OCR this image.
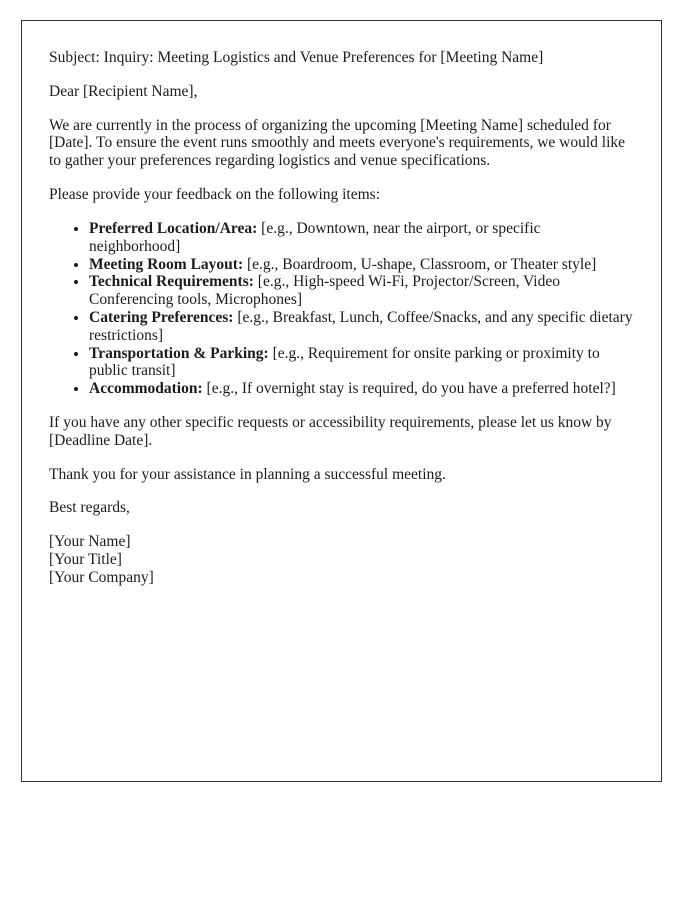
Subject: Inquiry: Meeting Logistics and Venue Preferences for [Meeting Name]

Dear [Recipient Name],

We are currently in the process of organizing the upcoming [Meeting Name] scheduled for [Date]. To ensure the event runs smoothly and meets everyone's requirements, we would like to gather your preferences regarding logistics and venue specifications.

Please provide your feedback on the following items:

• Preferred Location/Area: [e.g., Downtown, near the airport, or specific neighborhood]
• Meeting Room Layout: [e.g., Boardroom, U-shape, Classroom, or Theater style]
• Technical Requirements: [e.g., High-speed Wi-Fi, Projector/Screen, Video Conferencing tools, Microphones]
• Catering Preferences: [e.g., Breakfast, Lunch, Coffee/Snacks, and any specific dietary restrictions]
• Transportation & Parking: [e.g., Requirement for onsite parking or proximity to public transit]
• Accommodation: [e.g., If overnight stay is required, do you have a preferred hotel?]

If you have any other specific requests or accessibility requirements, please let us know by [Deadline Date].

Thank you for your assistance in planning a successful meeting.

Best regards,

[Your Name]
[Your Title]
[Your Company]
